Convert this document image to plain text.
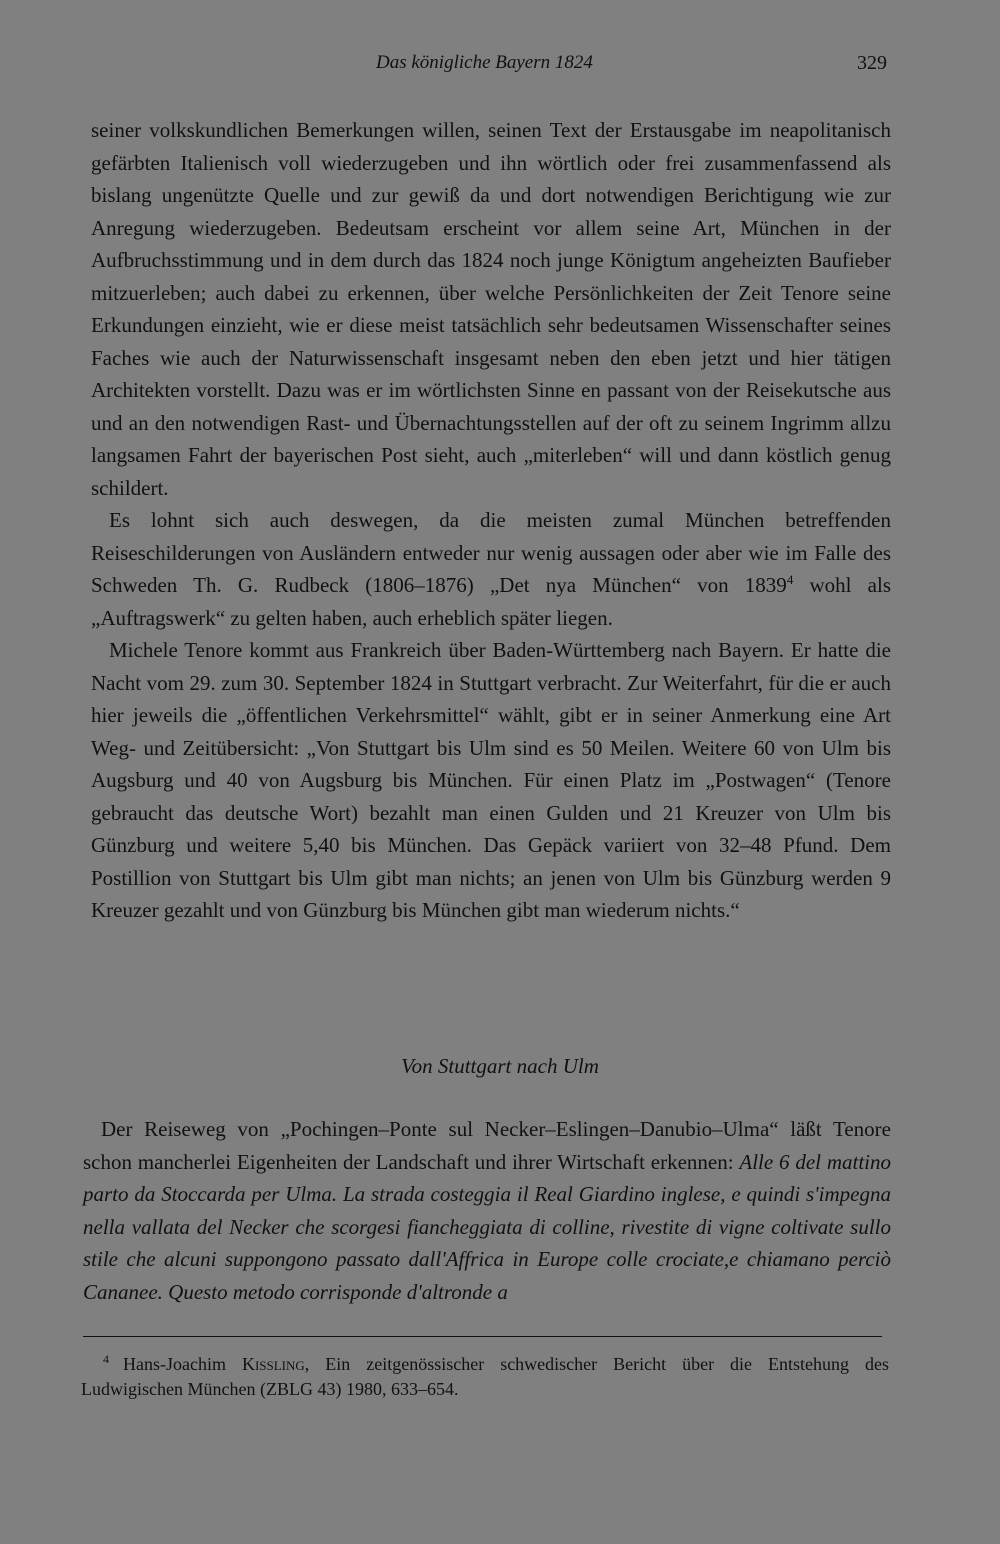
Das königliche Bayern 1824	329

seiner volkskundlichen Bemerkungen willen, seinen Text der Erstausgabe im neapolitanisch gefärbten Italienisch voll wiederzugeben und ihn wörtlich oder frei zusammenfassend als bislang ungenützte Quelle und zur gewiß da und dort notwendigen Berichtigung wie zur Anregung wiederzugeben. Bedeutsam erscheint vor allem seine Art, München in der Aufbruchsstimmung und in dem durch das 1824 noch junge Königtum angeheizten Baufieber mitzuerleben; auch dabei zu erkennen, über welche Persönlichkeiten der Zeit Tenore seine Erkundungen einzieht, wie er diese meist tatsächlich sehr bedeutsamen Wissenschafter seines Faches wie auch der Naturwissenschaft insgesamt neben den eben jetzt und hier tätigen Architekten vorstellt. Dazu was er im wörtlichsten Sinne en passant von der Reisekutsche aus und an den notwendigen Rast- und Übernachtungsstellen auf der oft zu seinem Ingrimm allzu langsamen Fahrt der bayerischen Post sieht, auch „miterleben“ will und dann köstlich genug schildert.

Es lohnt sich auch deswegen, da die meisten zumal München betreffenden Reiseschilderungen von Ausländern entweder nur wenig aussagen oder aber wie im Falle des Schweden Th. G. Rudbeck (1806–1876) „Det nya München“ von 1839$^4$ wohl als „Auftragswerk“ zu gelten haben, auch erheblich später liegen.

Michele Tenore kommt aus Frankreich über Baden-Württemberg nach Bayern. Er hatte die Nacht vom 29. zum 30. September 1824 in Stuttgart verbracht. Zur Weiterfahrt, für die er auch hier jeweils die „öffentlichen Verkehrsmittel“ wählt, gibt er in seiner Anmerkung eine Art Weg- und Zeitübersicht: „Von Stuttgart bis Ulm sind es 50 Meilen. Weitere 60 von Ulm bis Augsburg und 40 von Augsburg bis München. Für einen Platz im „Postwagen“ (Tenore gebraucht das deutsche Wort) bezahlt man einen Gulden und 21 Kreuzer von Ulm bis Günzburg und weitere 5,40 bis München. Das Gepäck variiert von 32–48 Pfund. Dem Postillion von Stuttgart bis Ulm gibt man nichts; an jenen von Ulm bis Günzburg werden 9 Kreuzer gezahlt und von Günzburg bis München gibt man wiederum nichts.“

Von Stuttgart nach Ulm

Der Reiseweg von „Pochingen–Ponte sul Necker–Eslingen–Danubio–Ulma“ läßt Tenore schon mancherlei Eigenheiten der Landschaft und ihrer Wirtschaft erkennen: Alle 6 del mattino parto da Stoccarda per Ulma. La strada costeggia il Real Giardino inglese, e quindi s'impegna nella vallata del Necker che scorgesi fiancheggiata di colline, rivestite di vigne coltivate sullo stile che alcuni suppongono passato dall'Affrica in Europe colle crociate,e chiamano perciò Cananee. Questo metodo corrisponde d'altronde a

$^4$ Hans-Joachim Kissling, Ein zeitgenössischer schwedischer Bericht über die Entstehung des Ludwigischen München (ZBLG 43) 1980, 633–654.
